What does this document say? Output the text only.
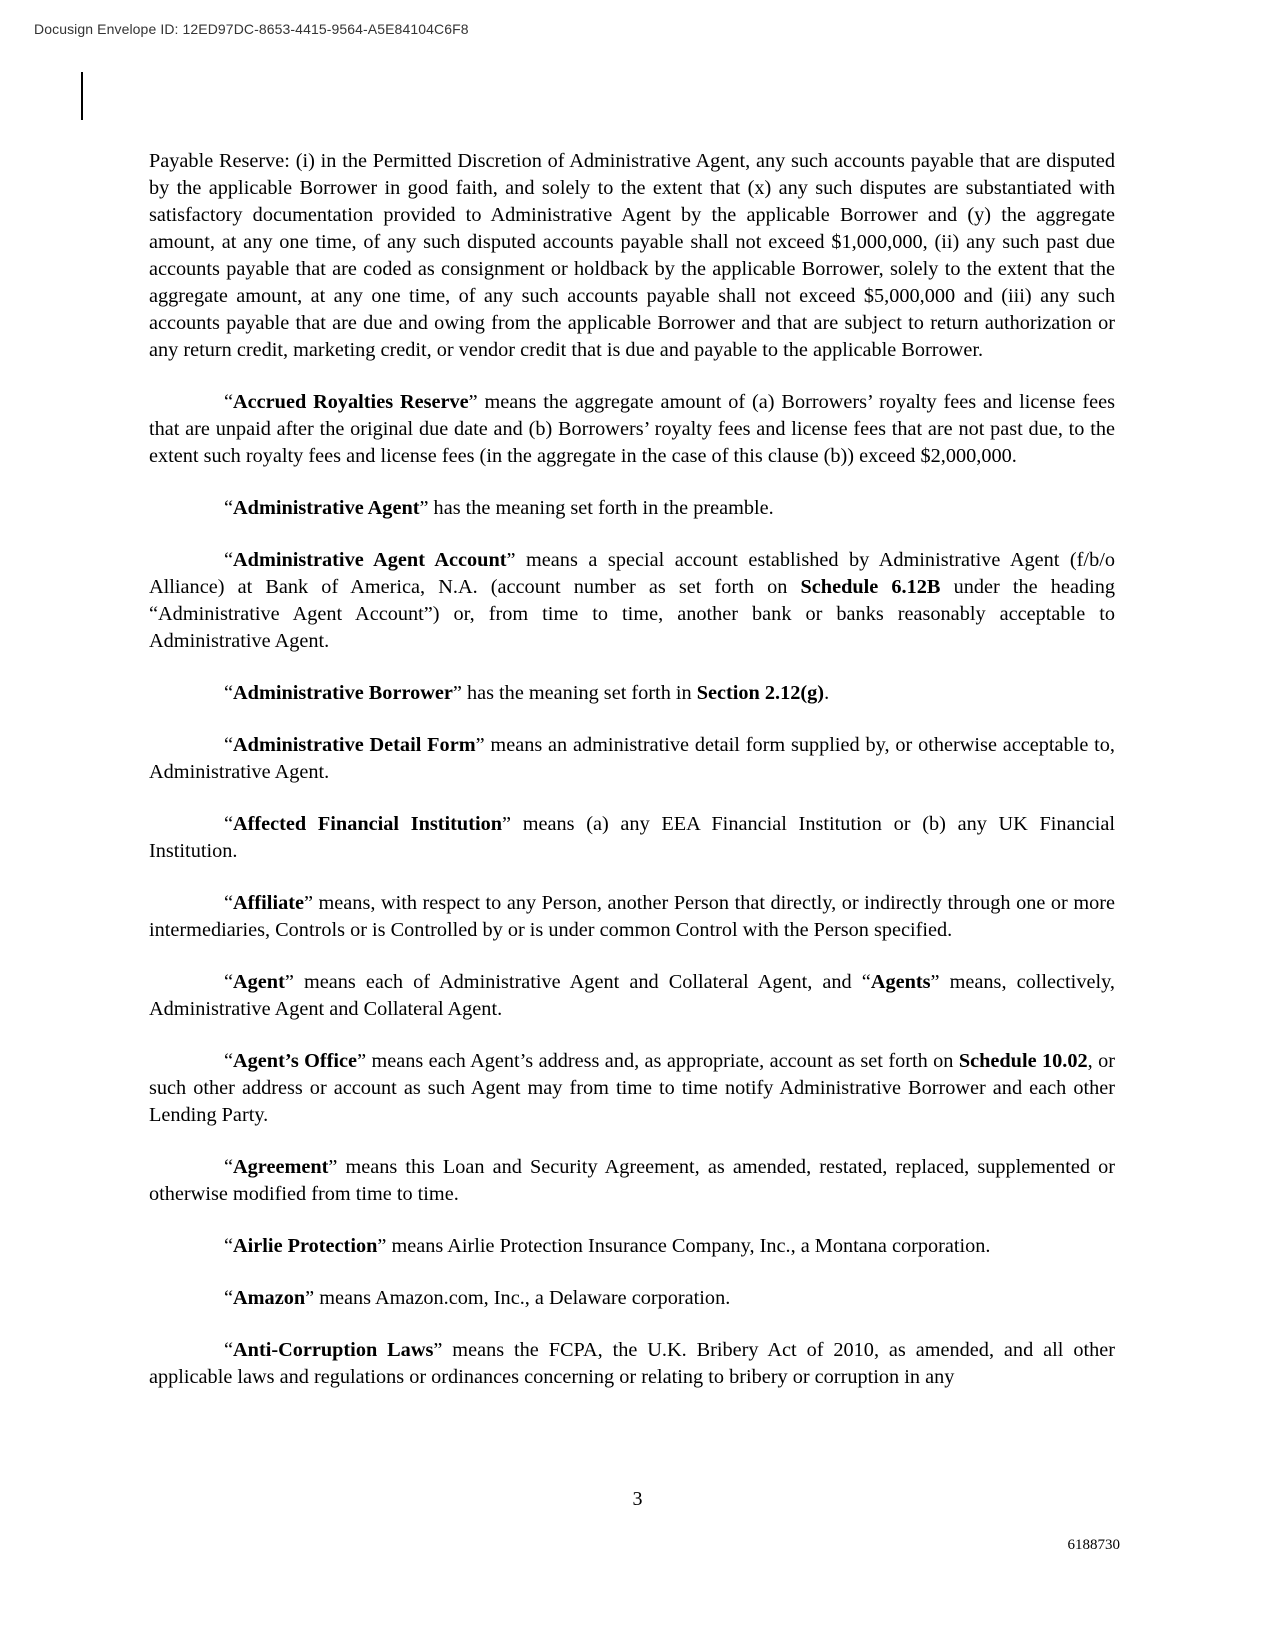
Docusign Envelope ID: 12ED97DC-8653-4415-9564-A5E84104C6F8

Payable Reserve: (i) in the Permitted Discretion of Administrative Agent, any such accounts payable that are disputed by the applicable Borrower in good faith, and solely to the extent that (x) any such disputes are substantiated with satisfactory documentation provided to Administrative Agent by the applicable Borrower and (y) the aggregate amount, at any one time, of any such disputed accounts payable shall not exceed $1,000,000, (ii) any such past due accounts payable that are coded as consignment or holdback by the applicable Borrower, solely to the extent that the aggregate amount, at any one time, of any such accounts payable shall not exceed $5,000,000 and (iii) any such accounts payable that are due and owing from the applicable Borrower and that are subject to return authorization or any return credit, marketing credit, or vendor credit that is due and payable to the applicable Borrower.

“Accrued Royalties Reserve” means the aggregate amount of (a) Borrowers’ royalty fees and license fees that are unpaid after the original due date and (b) Borrowers’ royalty fees and license fees that are not past due, to the extent such royalty fees and license fees (in the aggregate in the case of this clause (b)) exceed $2,000,000.

“Administrative Agent” has the meaning set forth in the preamble.

“Administrative Agent Account” means a special account established by Administrative Agent (f/b/o Alliance) at Bank of America, N.A. (account number as set forth on Schedule 6.12B under the heading “Administrative Agent Account”) or, from time to time, another bank or banks reasonably acceptable to Administrative Agent.

“Administrative Borrower” has the meaning set forth in Section 2.12(g).

“Administrative Detail Form” means an administrative detail form supplied by, or otherwise acceptable to, Administrative Agent.

“Affected Financial Institution” means (a) any EEA Financial Institution or (b) any UK Financial Institution.

“Affiliate” means, with respect to any Person, another Person that directly, or indirectly through one or more intermediaries, Controls or is Controlled by or is under common Control with the Person specified.

“Agent” means each of Administrative Agent and Collateral Agent, and “Agents” means, collectively, Administrative Agent and Collateral Agent.

“Agent’s Office” means each Agent’s address and, as appropriate, account as set forth on Schedule 10.02, or such other address or account as such Agent may from time to time notify Administrative Borrower and each other Lending Party.

“Agreement” means this Loan and Security Agreement, as amended, restated, replaced, supplemented or otherwise modified from time to time.

“Airlie Protection” means Airlie Protection Insurance Company, Inc., a Montana corporation.

“Amazon” means Amazon.com, Inc., a Delaware corporation.

“Anti-Corruption Laws” means the FCPA, the U.K. Bribery Act of 2010, as amended, and all other applicable laws and regulations or ordinances concerning or relating to bribery or corruption in any

3
6188730
